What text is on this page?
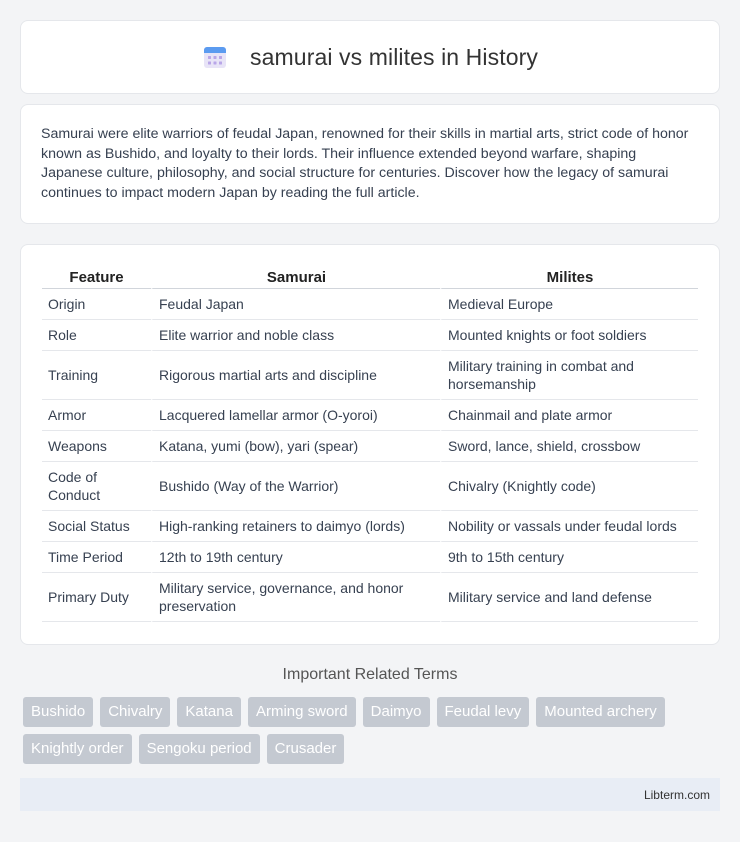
samurai vs milites in History

Samurai were elite warriors of feudal Japan, renowned for their skills in martial arts, strict code of honor known as Bushido, and loyalty to their lords. Their influence extended beyond warfare, shaping Japanese culture, philosophy, and social structure for centuries. Discover how the legacy of samurai continues to impact modern Japan by reading the full article.

Feature	Samurai	Milites
Origin	Feudal Japan	Medieval Europe
Role	Elite warrior and noble class	Mounted knights or foot soldiers
Training	Rigorous martial arts and discipline	Military training in combat and horsemanship
Armor	Lacquered lamellar armor (O-yoroi)	Chainmail and plate armor
Weapons	Katana, yumi (bow), yari (spear)	Sword, lance, shield, crossbow
Code of Conduct	Bushido (Way of the Warrior)	Chivalry (Knightly code)
Social Status	High-ranking retainers to daimyo (lords)	Nobility or vassals under feudal lords
Time Period	12th to 19th century	9th to 15th century
Primary Duty	Military service, governance, and honor preservation	Military service and land defense
Important Related Terms
Bushido	Chivalry	Katana	Arming sword	Daimyo	Feudal levy	Mounted archery
Knightly order	Sengoku period	Crusader
Libterm.com
